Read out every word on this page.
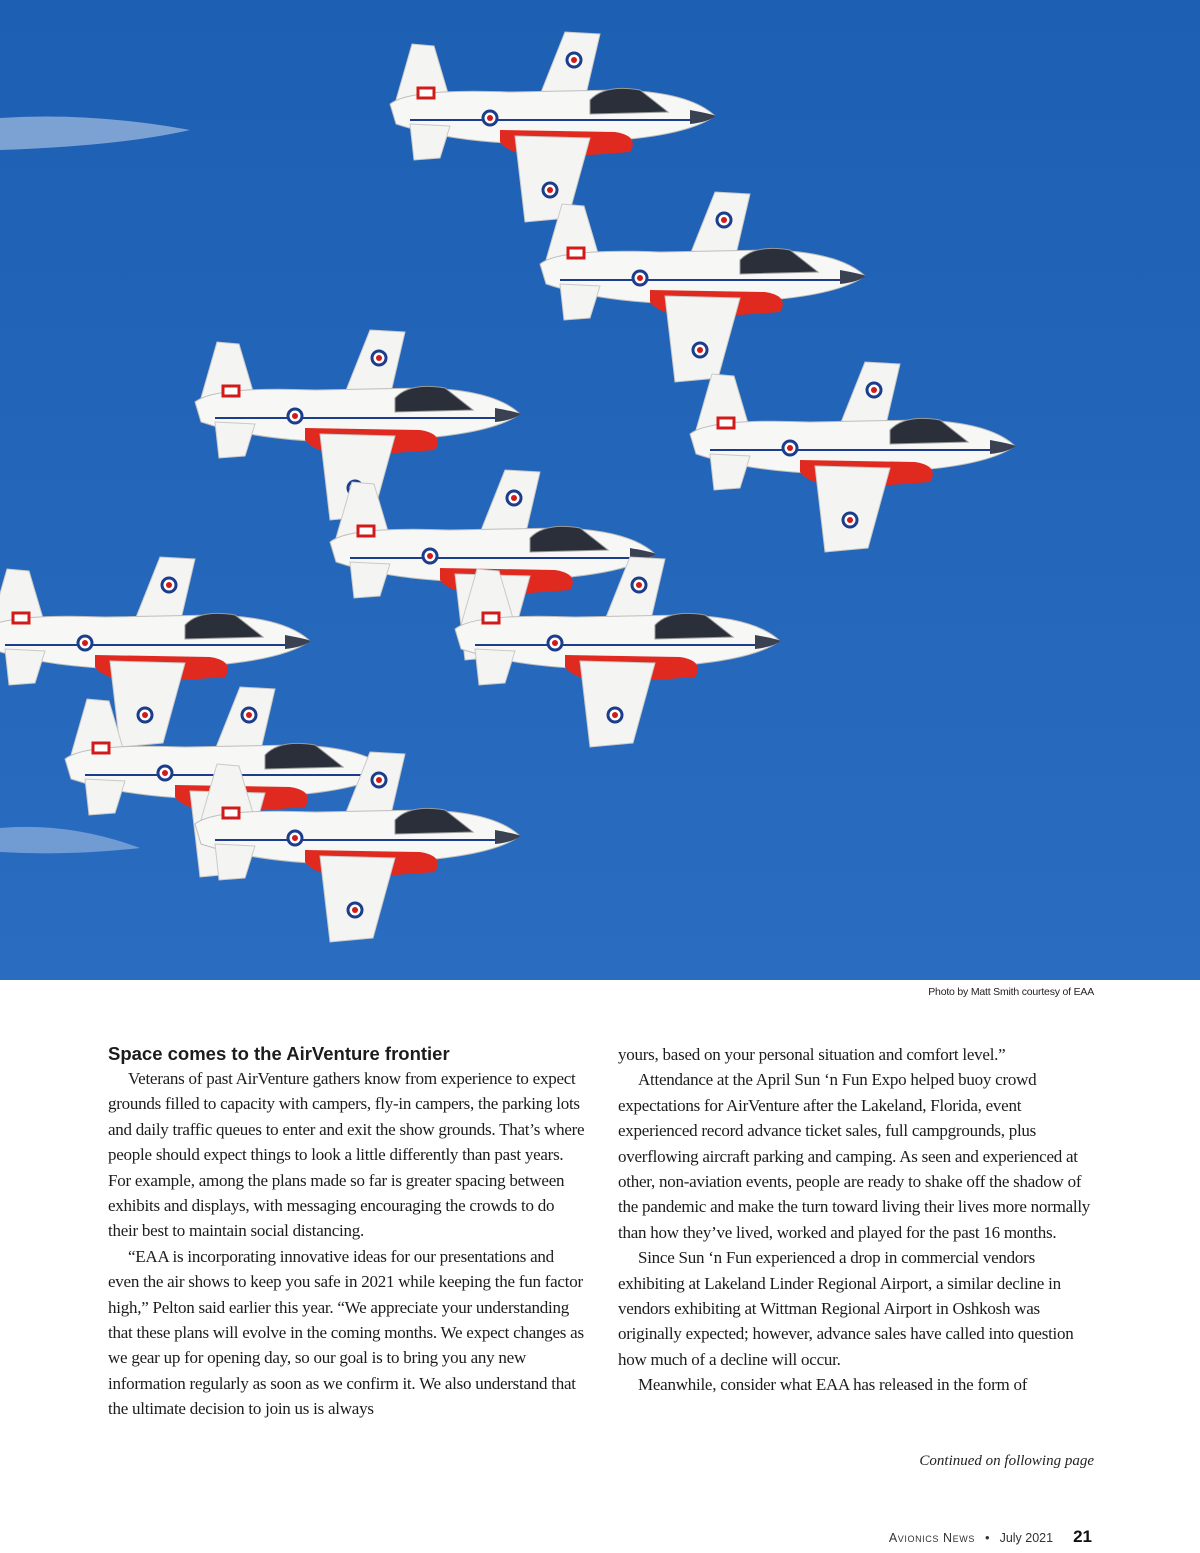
Photo by Matt Smith courtesy of EAA
Space comes to the AirVenture frontier

Veterans of past AirVenture gathers know from experience to expect grounds filled to capacity with campers, fly-in campers, the parking lots and daily traffic queues to enter and exit the show grounds. That’s where people should expect things to look a little differently than past years. For example, among the plans made so far is greater spacing between exhibits and displays, with messaging encouraging the crowds to do their best to maintain social distancing.

“EAA is incorporating innovative ideas for our presentations and even the air shows to keep you safe in 2021 while keeping the fun factor high,” Pelton said earlier this year. “We appreciate your understanding that these plans will evolve in the coming months. We expect changes as we gear up for opening day, so our goal is to bring you any new information regularly as soon as we confirm it. We also understand that the ultimate decision to join us is always

yours, based on your personal situation and comfort level.”

Attendance at the April Sun ‘n Fun Expo helped buoy crowd expectations for AirVenture after the Lakeland, Florida, event experienced record advance ticket sales, full campgrounds, plus overflowing aircraft parking and camping. As seen and experienced at other, non-aviation events, people are ready to shake off the shadow of the pandemic and make the turn toward living their lives more normally than how they’ve lived, worked and played for the past 16 months.

Since Sun ‘n Fun experienced a drop in commercial vendors exhibiting at Lakeland Linder Regional Airport, a similar decline in vendors exhibiting at Wittman Regional Airport in Oshkosh was originally expected; however, advance sales have called into question how much of a decline will occur.

Meanwhile, consider what EAA has released in the form of

Continued on following page
Avionics News • July 2021 21
